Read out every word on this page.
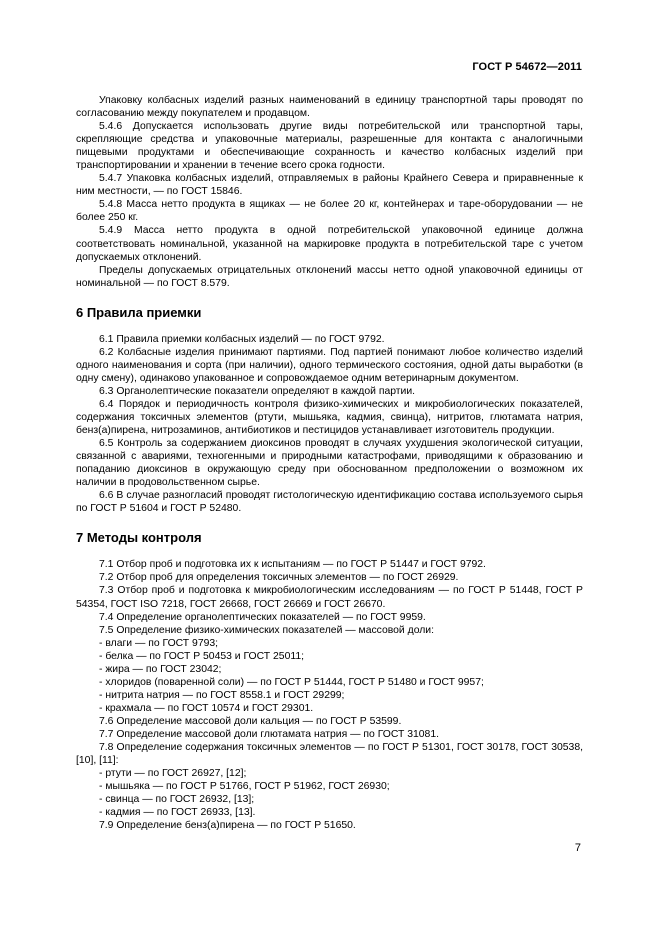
ГОСТ Р 54672—2011

Упаковку колбасных изделий разных наименований в единицу транспортной тары проводят по согласованию между покупателем и продавцом.

5.4.6 Допускается использовать другие виды потребительской или транспортной тары, скрепляющие средства и упаковочные материалы, разрешенные для контакта с аналогичными пищевыми продуктами и обеспечивающие сохранность и качество колбасных изделий при транспортировании и хранении в течение всего срока годности.

5.4.7 Упаковка колбасных изделий, отправляемых в районы Крайнего Севера и приравненные к ним местности, — по ГОСТ 15846.

5.4.8 Масса нетто продукта в ящиках — не более 20 кг, контейнерах и таре-оборудовании — не более 250 кг.

5.4.9 Масса нетто продукта в одной потребительской упаковочной единице должна соответствовать номинальной, указанной на маркировке продукта в потребительской таре с учетом допускаемых отклонений.

Пределы допускаемых отрицательных отклонений массы нетто одной упаковочной единицы от номинальной — по ГОСТ 8.579.

6 Правила приемки

6.1 Правила приемки колбасных изделий — по ГОСТ 9792.

6.2 Колбасные изделия принимают партиями. Под партией понимают любое количество изделий одного наименования и сорта (при наличии), одного термического состояния, одной даты выработки (в одну смену), одинаково упакованное и сопровождаемое одним ветеринарным документом.

6.3 Органолептические показатели определяют в каждой партии.

6.4 Порядок и периодичность контроля физико-химических и микробиологических показателей, содержания токсичных элементов (ртути, мышьяка, кадмия, свинца), нитритов, глютамата натрия, бенз(а)пирена, нитрозаминов, антибиотиков и пестицидов устанавливает изготовитель продукции.

6.5 Контроль за содержанием диоксинов проводят в случаях ухудшения экологической ситуации, связанной с авариями, техногенными и природными катастрофами, приводящими к образованию и попаданию диоксинов в окружающую среду при обоснованном предположении о возможном их наличии в продовольственном сырье.

6.6 В случае разногласий проводят гистологическую идентификацию состава используемого сырья по ГОСТ Р 51604 и ГОСТ Р 52480.

7 Методы контроля

7.1 Отбор проб и подготовка их к испытаниям — по ГОСТ Р 51447 и ГОСТ 9792.

7.2 Отбор проб для определения токсичных элементов — по ГОСТ 26929.

7.3 Отбор проб и подготовка к микробиологическим исследованиям — по ГОСТ Р 51448, ГОСТ Р 54354, ГОСТ ISO 7218, ГОСТ 26668, ГОСТ 26669 и ГОСТ 26670.

7.4 Определение органолептических показателей — по ГОСТ 9959.

7.5 Определение физико-химических показателей — массовой доли:

- влаги — по ГОСТ 9793;

- белка — по ГОСТ Р 50453 и ГОСТ 25011;

- жира — по ГОСТ 23042;

- хлоридов (поваренной соли) — по ГОСТ Р 51444, ГОСТ Р 51480 и ГОСТ 9957;

- нитрита натрия — по ГОСТ 8558.1 и ГОСТ 29299;

- крахмала — по ГОСТ 10574 и ГОСТ 29301.

7.6 Определение массовой доли кальция — по ГОСТ Р 53599.

7.7 Определение массовой доли глютамата натрия — по ГОСТ 31081.

7.8 Определение содержания токсичных элементов — по ГОСТ Р 51301, ГОСТ 30178, ГОСТ 30538, [10], [11]:

- ртути — по ГОСТ 26927, [12];

- мышьяка — по ГОСТ Р 51766, ГОСТ Р 51962, ГОСТ 26930;

- свинца — по ГОСТ 26932, [13];

- кадмия — по ГОСТ 26933, [13].

7.9 Определение бенз(а)пирена — по ГОСТ Р 51650.

7
